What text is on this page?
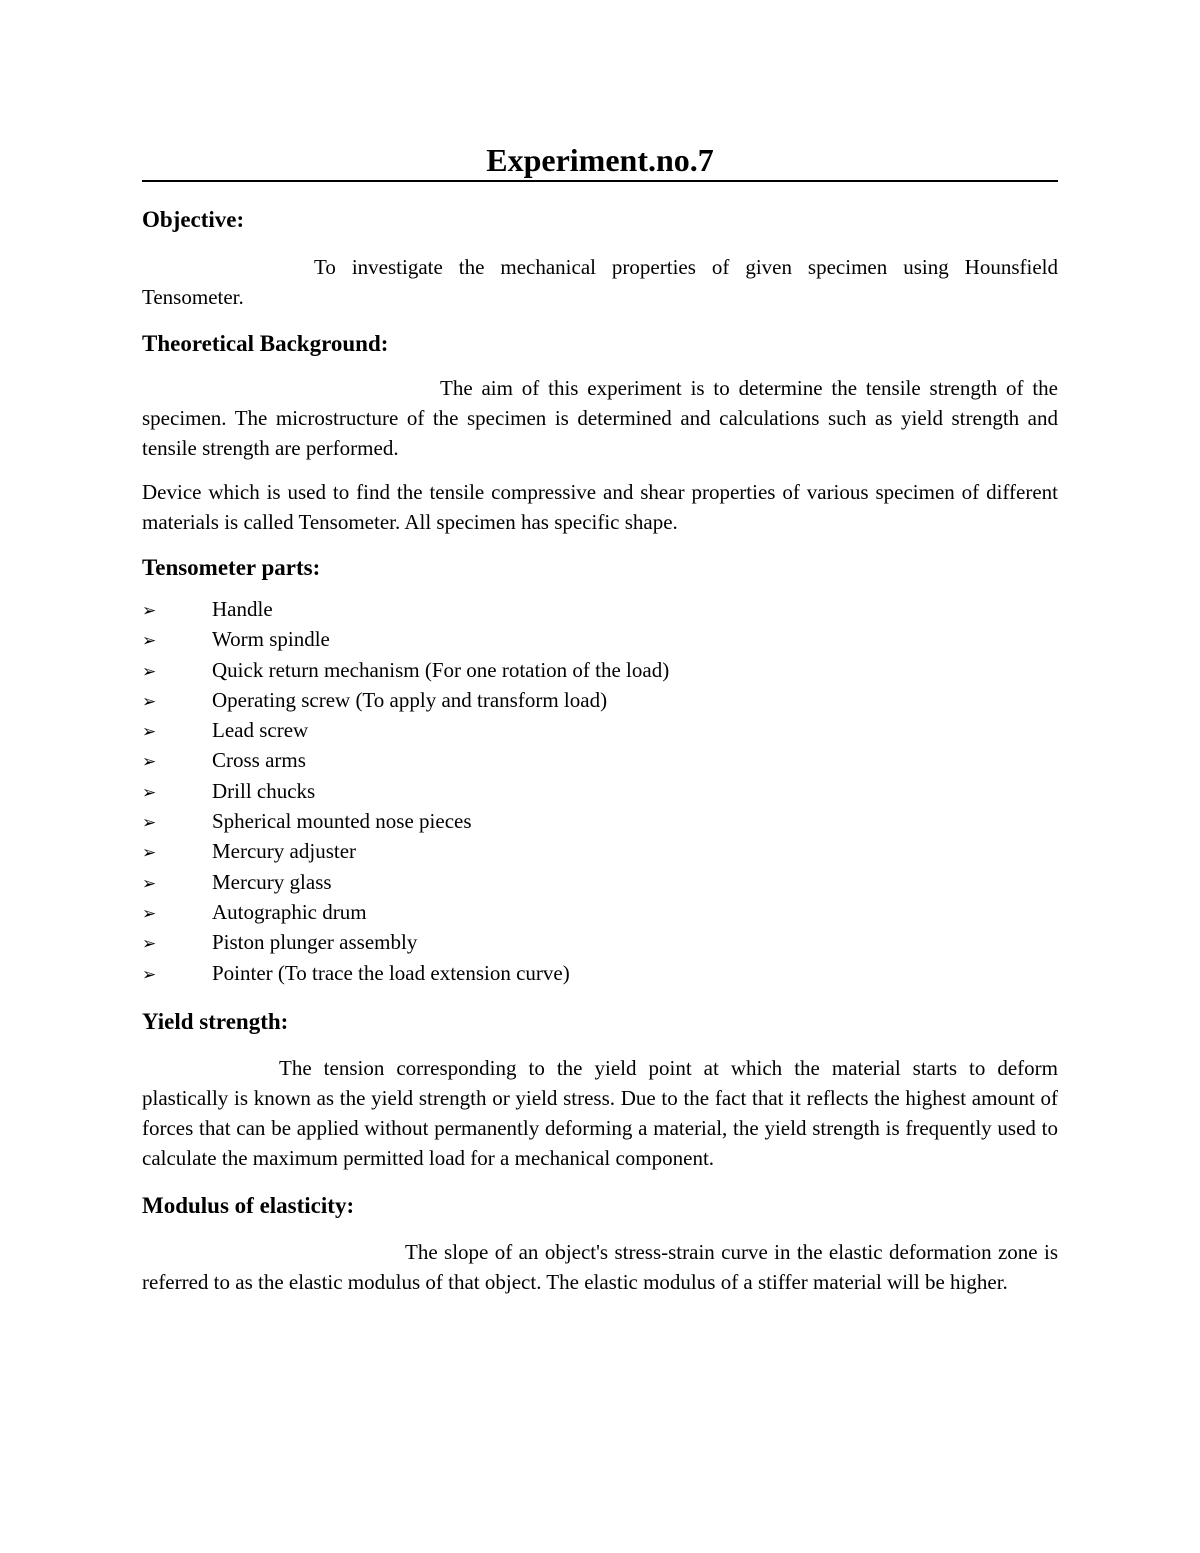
Experiment.no.7
Objective:

To investigate the mechanical properties of given specimen using Hounsfield Tensometer.

Theoretical Background:

The aim of this experiment is to determine the tensile strength of the specimen. The microstructure of the specimen is determined and calculations such as yield strength and tensile strength are performed.

Device which is used to find the tensile compressive and shear properties of various specimen of different materials is called Tensometer. All specimen has specific shape.

Tensometer parts:
➢	Handle
➢	Worm spindle
➢	Quick return mechanism (For one rotation of the load)
➢	Operating screw (To apply and transform load)
➢	Lead screw
➢	Cross arms
➢	Drill chucks
➢	Spherical mounted nose pieces
➢	Mercury adjuster
➢	Mercury glass
➢	Autographic drum
➢	Piston plunger assembly
➢	Pointer (To trace the load extension curve)
Yield strength:

The tension corresponding to the yield point at which the material starts to deform plastically is known as the yield strength or yield stress. Due to the fact that it reflects the highest amount of forces that can be applied without permanently deforming a material, the yield strength is frequently used to calculate the maximum permitted load for a mechanical component.

Modulus of elasticity:

The slope of an object's stress-strain curve in the elastic deformation zone is referred to as the elastic modulus of that object. The elastic modulus of a stiffer material will be higher.
